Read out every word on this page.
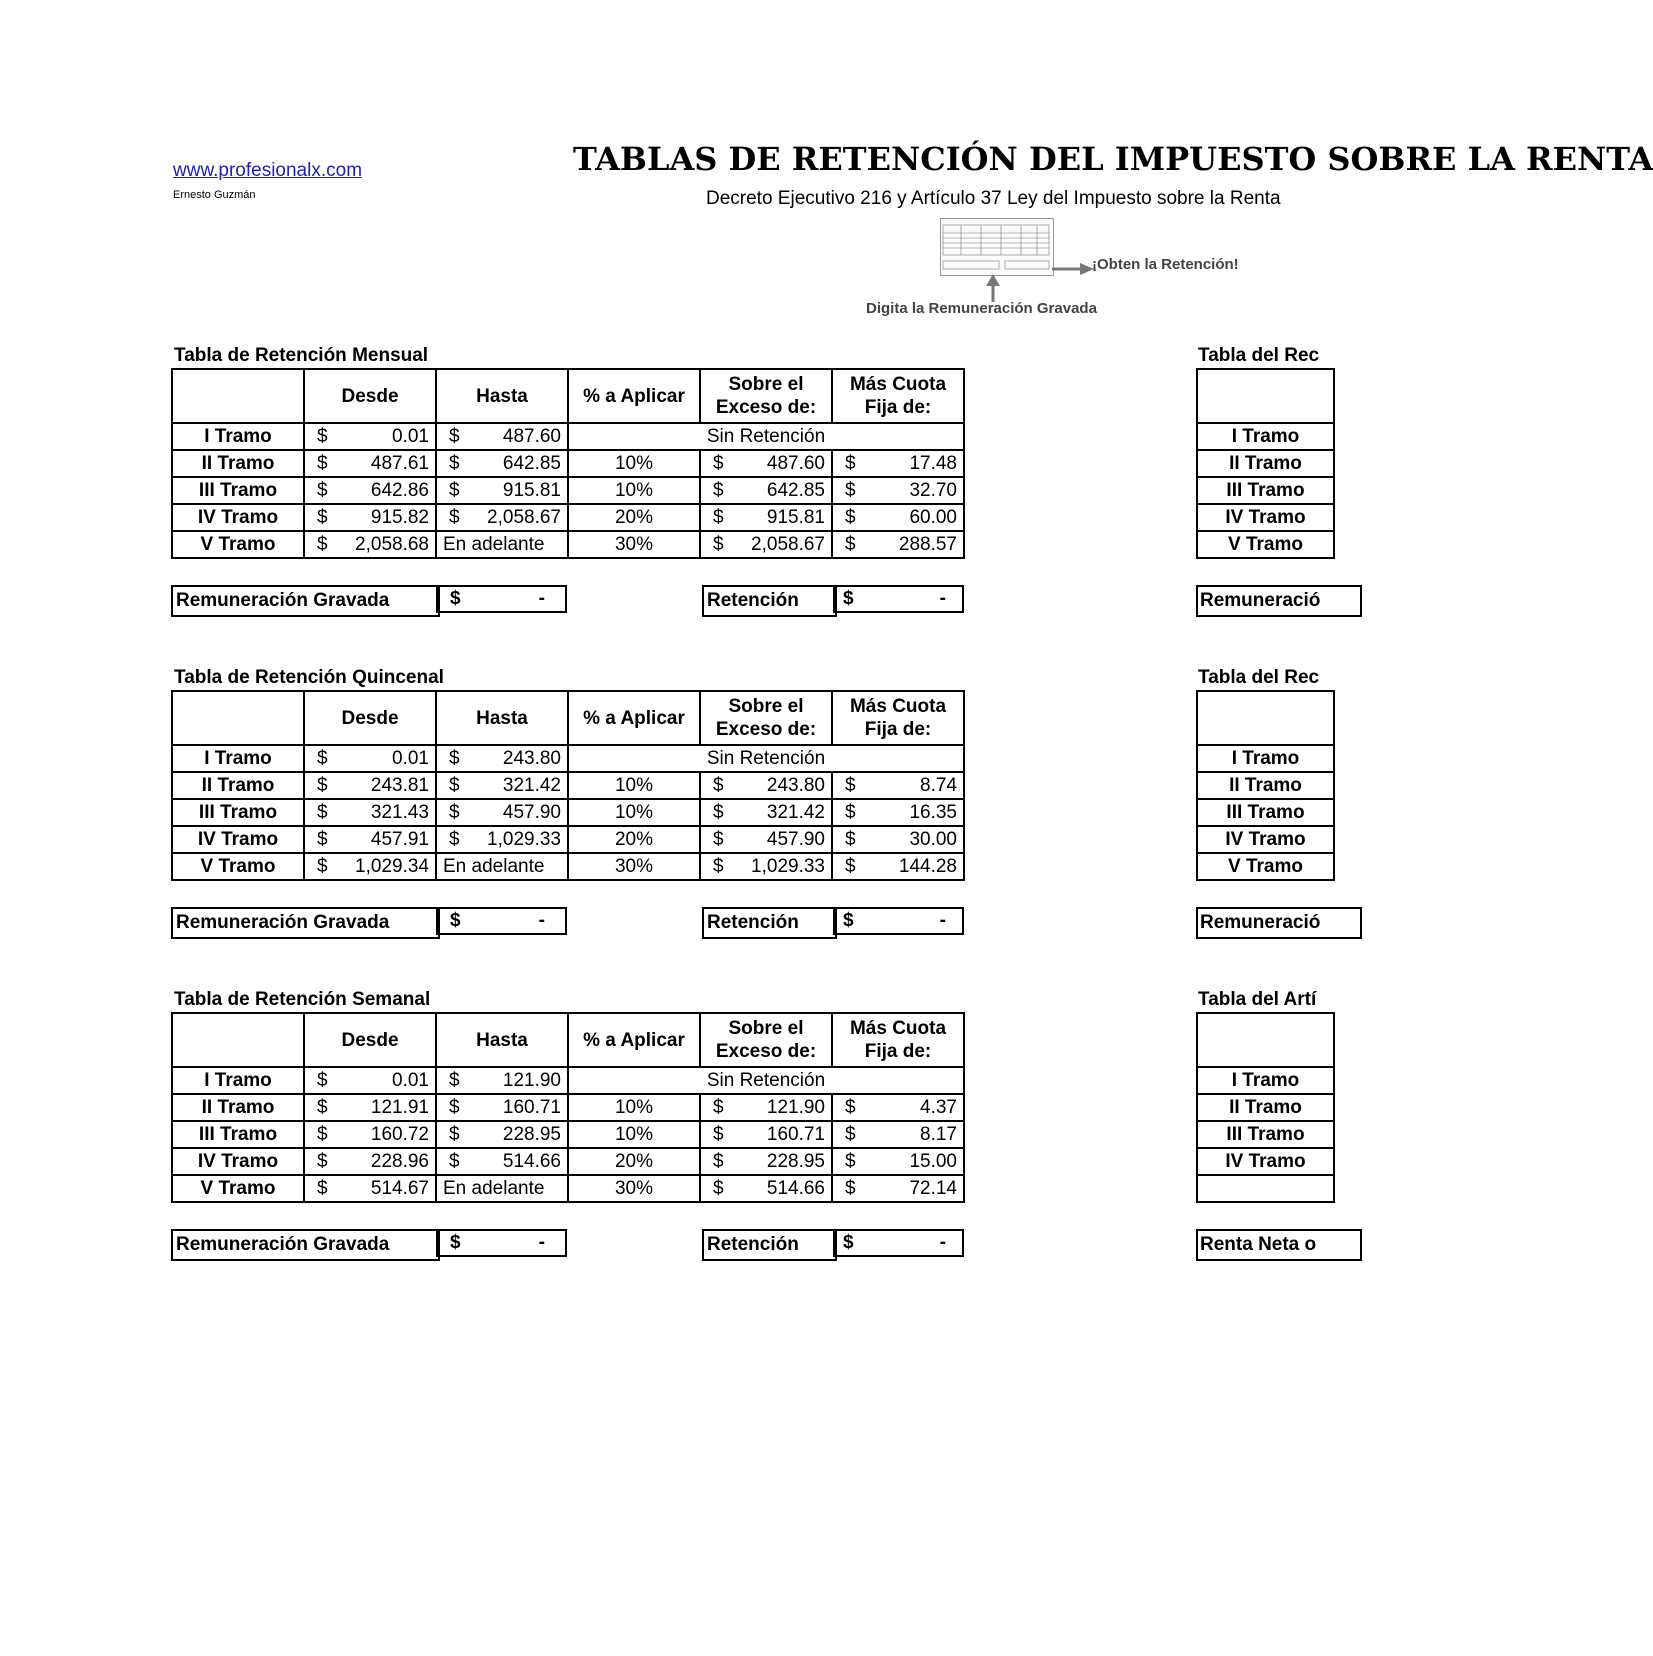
www.profesionalx.com
Ernesto Guzmán
TABLAS DE RETENCIÓN DEL IMPUESTO SOBRE LA RENTA
Decreto Ejecutivo 216 y Artículo 37 Ley del Impuesto sobre la Renta
¡Obten la Retención!
Digita la Remuneración Gravada
Tabla de Retención Mensual
	Desde	Hasta	% a Aplicar	Sobre el Exceso de:	Más Cuota Fija de:
I Tramo	$ 0.01	$ 487.60	Sin Retención		
II Tramo	$ 487.61	$ 642.85	10%	$ 487.60	$ 17.48

III Tramo	$ 642.86	$ 915.81	10%	$ 642.85	$ 32.70

IV Tramo	$ 915.82	$ 2,058.67	20%	$ 915.81	$ 60.00

V Tramo	$ 2,058.68	En adelante	30%	$ 2,058.67	$ 288.57
Remuneración Gravada	$	-	Retención $	-
Tabla del Rec

I Tramo
II Tramo
III Tramo
IV Tramo
V Tramo
Remuneració
Tabla de Retención Quincenal
	Desde	Hasta	% a Aplicar	Sobre el Exceso de:	Más Cuota Fija de:
I Tramo	$ 0.01	$ 243.80	Sin Retención		
II Tramo	$ 243.81	$ 321.42	10%	$ 243.80	$ 8.74

III Tramo	$ 321.43	$ 457.90	10%	$ 321.42	$ 16.35

IV Tramo	$ 457.91	$ 1,029.33	20%	$ 457.90	$ 30.00

V Tramo	$ 1,029.34	En adelante	30%	$ 1,029.33	$ 144.28
Remuneración Gravada	$	-	Retención $	-
Tabla del Rec

I Tramo
II Tramo
III Tramo
IV Tramo
V Tramo
Remuneració
Tabla de Retención Semanal
	Desde	Hasta	% a Aplicar	Sobre el Exceso de:	Más Cuota Fija de:
I Tramo	$ 0.01	$ 121.90	Sin Retención		
II Tramo	$ 121.91	$ 160.71	10%	$ 121.90	$ 4.37

III Tramo	$ 160.72	$ 228.95	10%	$ 160.71	$ 8.17

IV Tramo	$ 228.96	$ 514.66	20%	$ 228.95	$ 15.00

V Tramo	$ 514.67	En adelante	30%	$ 514.66	$ 72.14
Remuneración Gravada	$	-	Retención $	-
Tabla del Artí

I Tramo
II Tramo
III Tramo
IV Tramo

Renta Neta o
